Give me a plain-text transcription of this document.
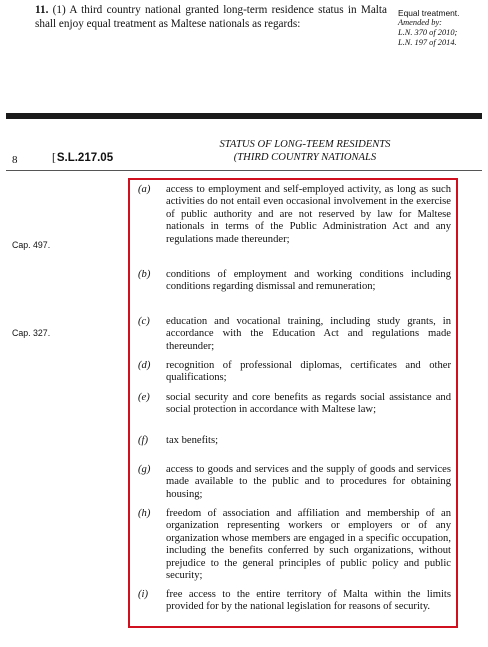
11. (1) A third country national granted long-term residence status in Malta shall enjoy equal treatment as Maltese nationals as regards:
Equal treatment.
Amended by:
L.N. 370 of 2010;
L.N. 197 of 2014.
STATUS OF LONG-TEEM RESIDENTS
(THIRD COUNTRY NATIONALS
8	[S.L.217.05
Cap. 497.
Cap. 327.
(a)	access to employment and self-employed activity, as long as such activities do not entail even occasional involvement in the exercise of public authority and are not reserved by law for Maltese nationals in terms of the Public Administration Act and any regulations made thereunder;
(b)	conditions of employment and working conditions including conditions regarding dismissal and remuneration;
(c)	education and vocational training, including study grants, in accordance with the Education Act and regulations made thereunder;
(d)	recognition of professional diplomas, certificates and other qualifications;
(e)	social security and core benefits as regards social assistance and social protection in accordance with Maltese law;
(f)	tax benefits;
(g)	access to goods and services and the supply of goods and services made available to the public and to procedures for obtaining housing;
(h)	freedom of association and affiliation and membership of an organization representing workers or employers or of any organization whose members are engaged in a specific occupation, including the benefits conferred by such organizations, without prejudice to the general principles of public policy and public security;
(i)	free access to the entire territory of Malta within the limits provided for by the national legislation for reasons of security.
